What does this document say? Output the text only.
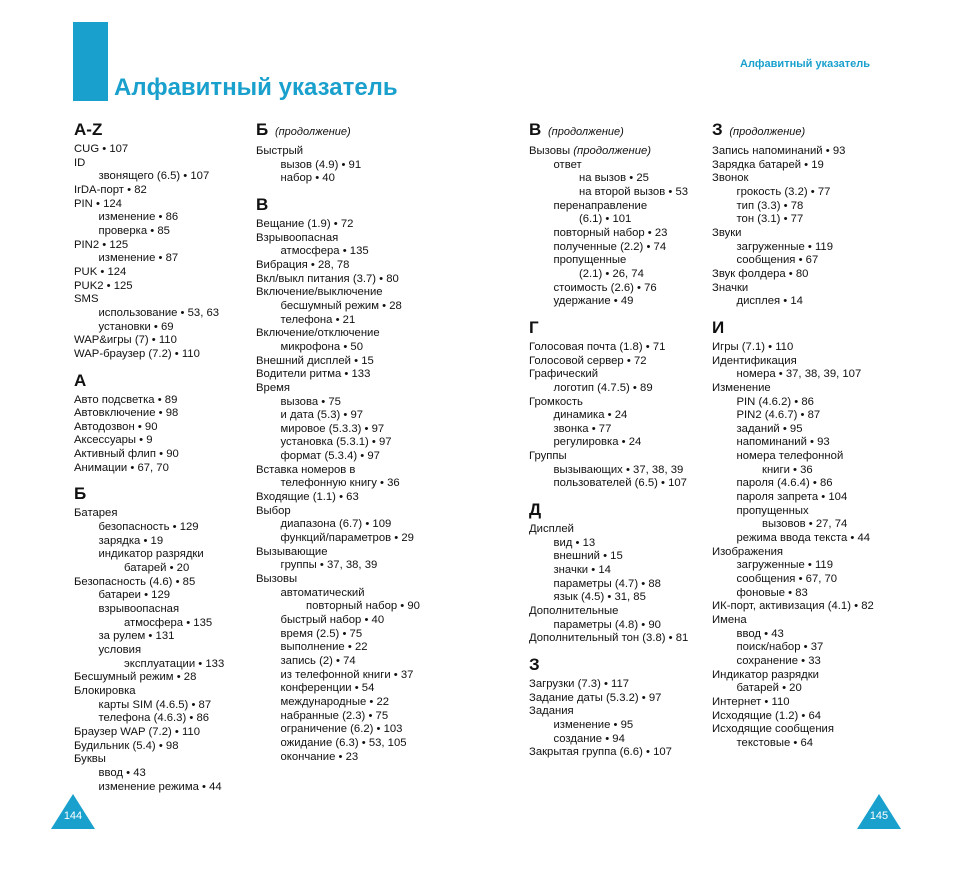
Алфавитный указатель
Алфавитный указатель
A-Z
CUG • 107
ID
звонящего (6.5) • 107
IrDA-порт • 82
PIN • 124
изменение • 86
проверка • 85
PIN2 • 125
изменение • 87
PUK • 124
PUK2 • 125
SMS
использование • 53, 63
установки • 69
WAP&игры (7) • 110
WAP-браузер (7.2) • 110
А
Авто подсветка • 89
Автовключение • 98
Автодозвон • 90
Аксессуары • 9
Активный флип • 90
Анимации • 67, 70
Б
Батарея
безопасность • 129
зарядка • 19
индикатор разрядки
батарей • 20
Безопасность (4.6) • 85
батареи • 129
взрывоопасная
атмосфера • 135
за рулем • 131
условия
эксплуатации • 133
Бесшумный режим • 28
Блокировка
карты SIM (4.6.5) • 87
телефона (4.6.3) • 86
Браузер WAP (7.2) • 110
Будильник (5.4) • 98
Буквы
ввод • 43
изменение режима • 44
Б (продолжение)
Быстрый
вызов (4.9) • 91
набор • 40
В
Вещание (1.9) • 72
Взрывоопасная
атмосфера • 135
Вибрация • 28, 78
Вкл/выкл питания (3.7) • 80
Включение/выключение
бесшумный режим • 28
телефона • 21
Включение/отключение
микрофона • 50
Внешний дисплей • 15
Водители ритма • 133
Время
вызова • 75
и дата (5.3) • 97
мировое (5.3.3) • 97
установка (5.3.1) • 97
формат (5.3.4) • 97
Вставка номеров в
телефонную книгу • 36
Входящие (1.1) • 63
Выбор
диапазона (6.7) • 109
функций/параметров • 29
Вызывающие
группы • 37, 38, 39
Вызовы
автоматический
повторный набор • 90
быстрый набор • 40
время (2.5) • 75
выполнение • 22
запись (2) • 74
из телефонной книги • 37
конференции • 54
международные • 22
набранные (2.3) • 75
ограничение (6.2) • 103
ожидание (6.3) • 53, 105
окончание • 23
В (продолжение)
Вызовы (продолжение)
ответ
на вызов • 25
на второй вызов • 53
перенаправление
(6.1) • 101
повторный набор • 23
полученные (2.2) • 74
пропущенные
(2.1) • 26, 74
стоимость (2.6) • 76
удержание • 49
Г
Голосовая почта (1.8) • 71
Голосовой сервер • 72
Графический
логотип (4.7.5) • 89
Громкость
динамика • 24
звонка • 77
регулировка • 24
Группы
вызывающих • 37, 38, 39
пользователей (6.5) • 107
Д
Дисплей
вид • 13
внешний • 15
значки • 14
параметры (4.7) • 88
язык (4.5) • 31, 85
Дополнительные
параметры (4.8) • 90
Дополнительный тон (3.8) • 81
З
Загрузки (7.3) • 117
Задание даты (5.3.2) • 97
Задания
изменение • 95
создание • 94
Закрытая группа (6.6) • 107
З (продолжение)
Запись напоминаний • 93
Зарядка батарей • 19
Звонок
грокость (3.2) • 77
тип (3.3) • 78
тон (3.1) • 77
Звуки
загруженные • 119
сообщения • 67
Звук фолдера • 80
Значки
дисплея • 14
И
Игры (7.1) • 110
Идентификация
номера • 37, 38, 39, 107
Изменение
PIN (4.6.2) • 86
PIN2 (4.6.7) • 87
заданий • 95
напоминаний • 93
номера телефонной
книги • 36
пароля (4.6.4) • 86
пароля запрета • 104
пропущенных
вызовов • 27, 74
режима ввода текста • 44
Изображения
загруженные • 119
сообщения • 67, 70
фоновые • 83
ИК-порт, активизация (4.1) • 82
Имена
ввод • 43
поиск/набор • 37
сохранение • 33
Индикатор разрядки
батарей • 20
Интернет • 110
Исходящие (1.2) • 64
Исходящие сообщения
текстовые • 64
144	145
